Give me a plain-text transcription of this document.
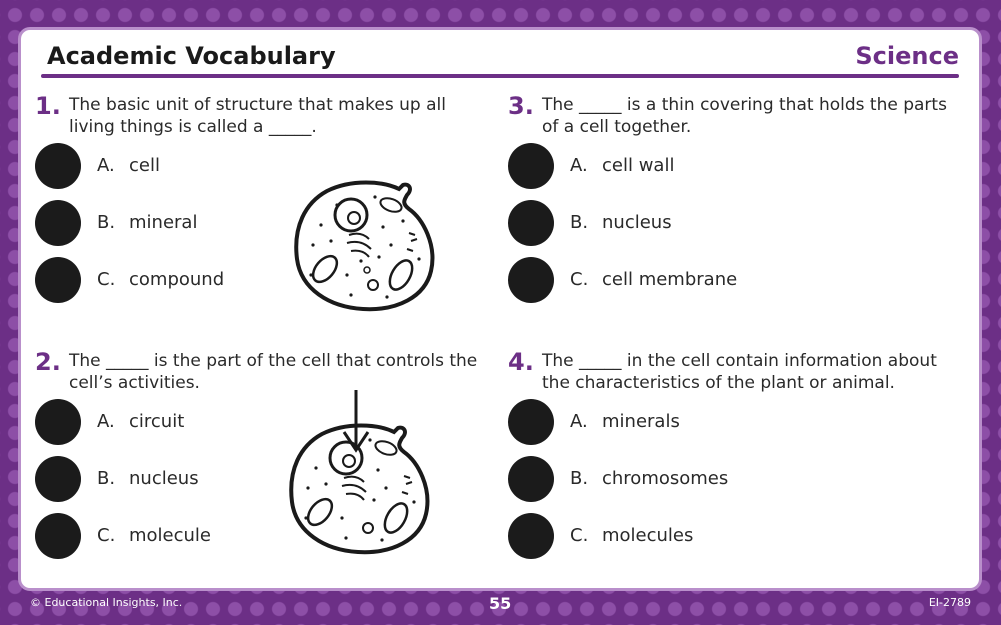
Academic Vocabulary	Science
1. The basic unit of structure that makes up all living things is called a _____.
A. cell
B. mineral
C. compound
2. The _____ is the part of the cell that controls the cell’s activities.
A. circuit
B. nucleus
C. molecule
3. The _____ is a thin covering that holds the parts of a cell together.
A. cell wall
B. nucleus
C. cell membrane
4. The _____ in the cell contain information about the characteristics of the plant or animal.
A. minerals
B. chromosomes
C. molecules
© Educational Insights, Inc.	55	EI-2789
